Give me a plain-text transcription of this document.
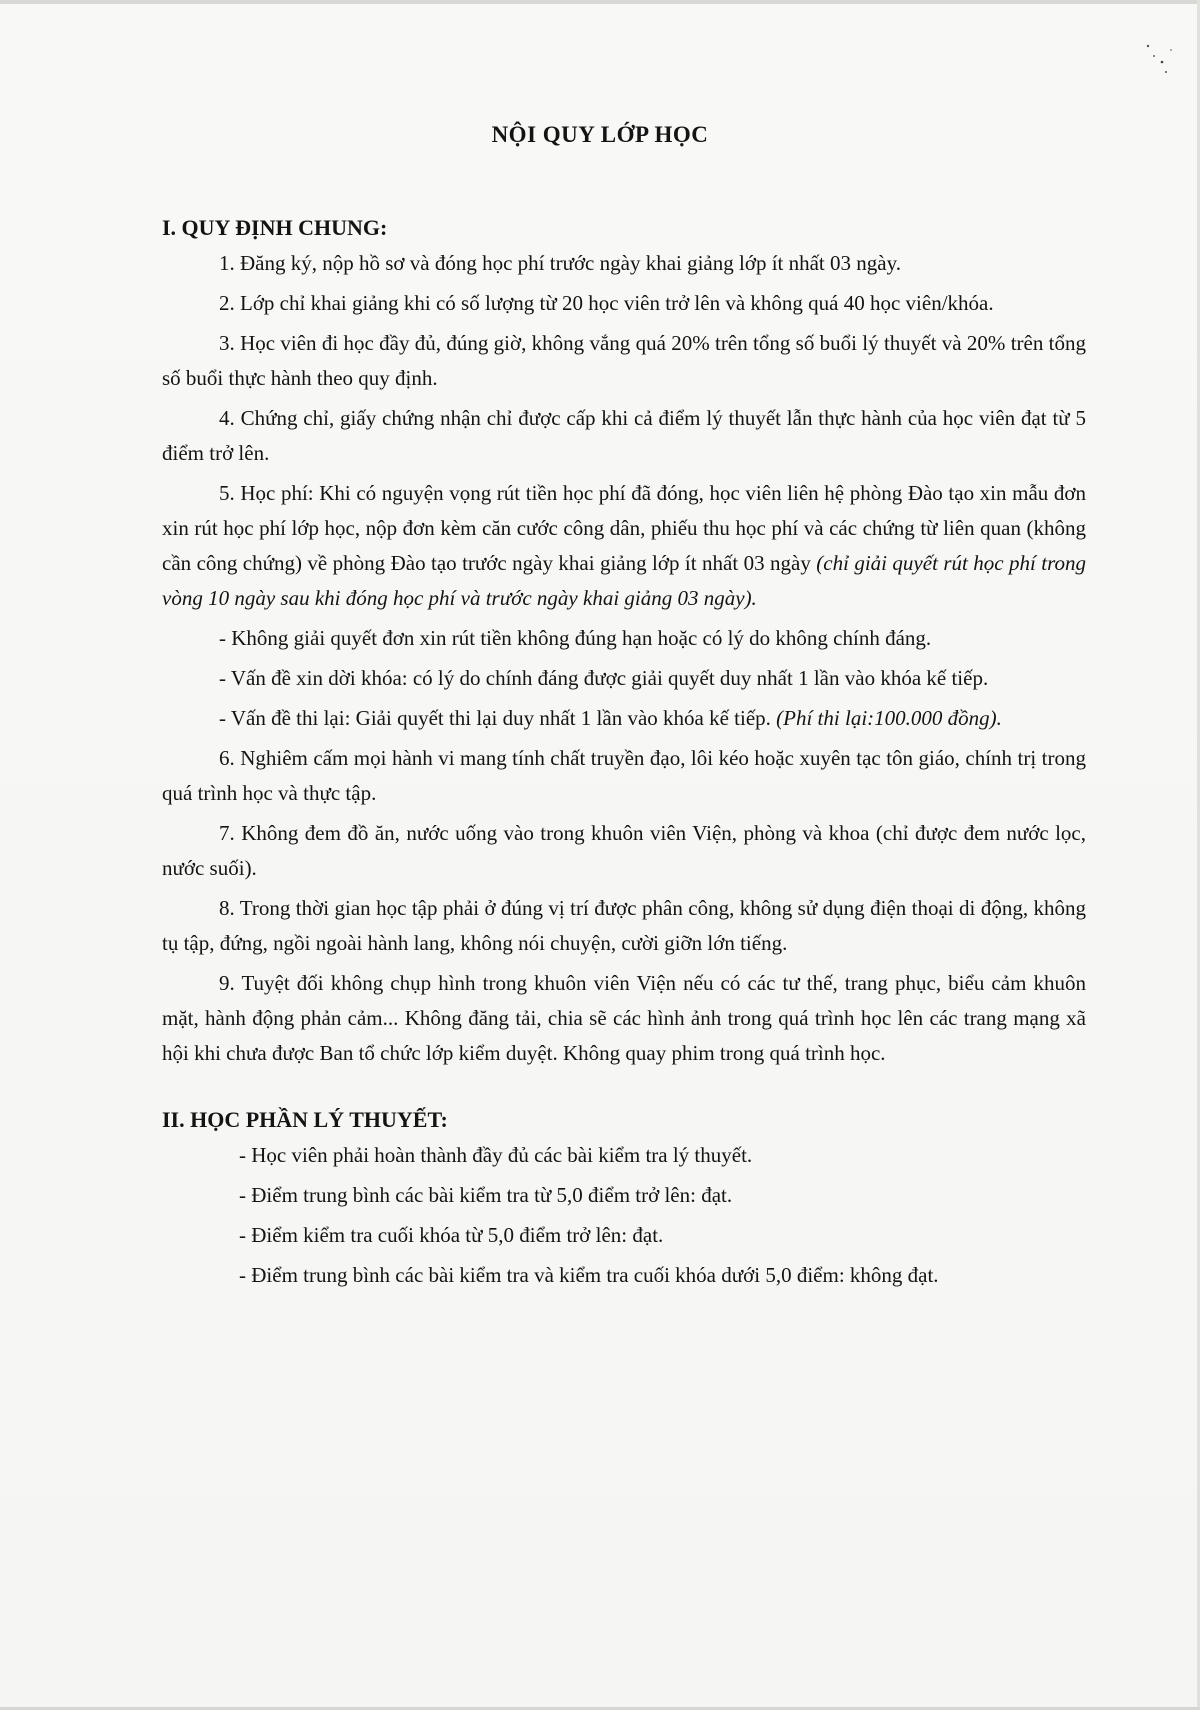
NỘI QUY LỚP HỌC
I. QUY ĐỊNH CHUNG:

1. Đăng ký, nộp hồ sơ và đóng học phí trước ngày khai giảng lớp ít nhất 03 ngày.

2. Lớp chỉ khai giảng khi có số lượng từ 20 học viên trở lên và không quá 40 học viên/khóa.

3. Học viên đi học đầy đủ, đúng giờ, không vắng quá 20% trên tổng số buổi lý thuyết và 20% trên tổng số buổi thực hành theo quy định.

4. Chứng chỉ, giấy chứng nhận chỉ được cấp khi cả điểm lý thuyết lẫn thực hành của học viên đạt từ 5 điểm trở lên.

5. Học phí: Khi có nguyện vọng rút tiền học phí đã đóng, học viên liên hệ phòng Đào tạo xin mẫu đơn xin rút học phí lớp học, nộp đơn kèm căn cước công dân, phiếu thu học phí và các chứng từ liên quan (không cần công chứng) về phòng Đào tạo trước ngày khai giảng lớp ít nhất 03 ngày (chỉ giải quyết rút học phí trong vòng 10 ngày sau khi đóng học phí và trước ngày khai giảng 03 ngày).

- Không giải quyết đơn xin rút tiền không đúng hạn hoặc có lý do không chính đáng.

- Vấn đề xin dời khóa: có lý do chính đáng được giải quyết duy nhất 1 lần vào khóa kế tiếp.

- Vấn đề thi lại: Giải quyết thi lại duy nhất 1 lần vào khóa kế tiếp. (Phí thi lại:100.000 đồng).

6. Nghiêm cấm mọi hành vi mang tính chất truyền đạo, lôi kéo hoặc xuyên tạc tôn giáo, chính trị trong quá trình học và thực tập.

7. Không đem đồ ăn, nước uống vào trong khuôn viên Viện, phòng và khoa (chỉ được đem nước lọc, nước suối).

8. Trong thời gian học tập phải ở đúng vị trí được phân công, không sử dụng điện thoại di động, không tụ tập, đứng, ngồi ngoài hành lang, không nói chuyện, cười giỡn lớn tiếng.

9. Tuyệt đối không chụp hình trong khuôn viên Viện nếu có các tư thế, trang phục, biểu cảm khuôn mặt, hành động phản cảm... Không đăng tải, chia sẽ các hình ảnh trong quá trình học lên các trang mạng xã hội khi chưa được Ban tổ chức lớp kiểm duyệt. Không quay phim trong quá trình học.

II. HỌC PHẦN LÝ THUYẾT:

- Học viên phải hoàn thành đầy đủ các bài kiểm tra lý thuyết.

- Điểm trung bình các bài kiểm tra từ 5,0 điểm trở lên: đạt.

- Điểm kiểm tra cuối khóa từ 5,0 điểm trở lên: đạt.

- Điểm trung bình các bài kiểm tra và kiểm tra cuối khóa dưới 5,0 điểm: không đạt.
